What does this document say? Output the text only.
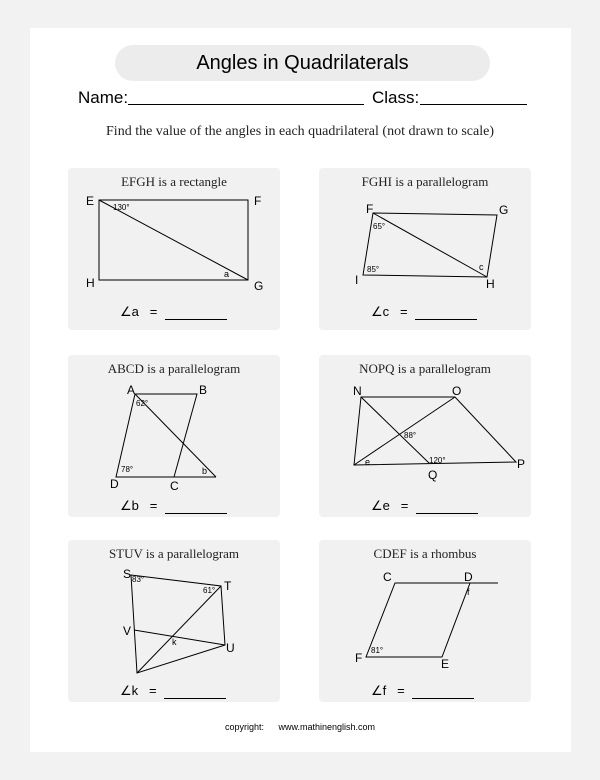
Angles in Quadrilaterals
Name:	Class:
Find the value of the angles in each quadrilateral (not drawn to scale)
EFGH is a rectangle
E	F
G
H
130°
a
∠a =
FGHI is a parallelogram
F	G
H
I
65°
85°	c
∠c =
ABCD is a parallelogram
A	B
C
D
62°
78°	b
∠b =
NOPQ is a parallelogram
N	O
P
Q
88°
120°
e
∠e =
STUV is a parallelogram
S
T
U
V
83°
61°
k
∠k =
CDEF is a rhombus
C	D
E
F
81°
f
∠f =
copyright: www.mathinenglish.com
